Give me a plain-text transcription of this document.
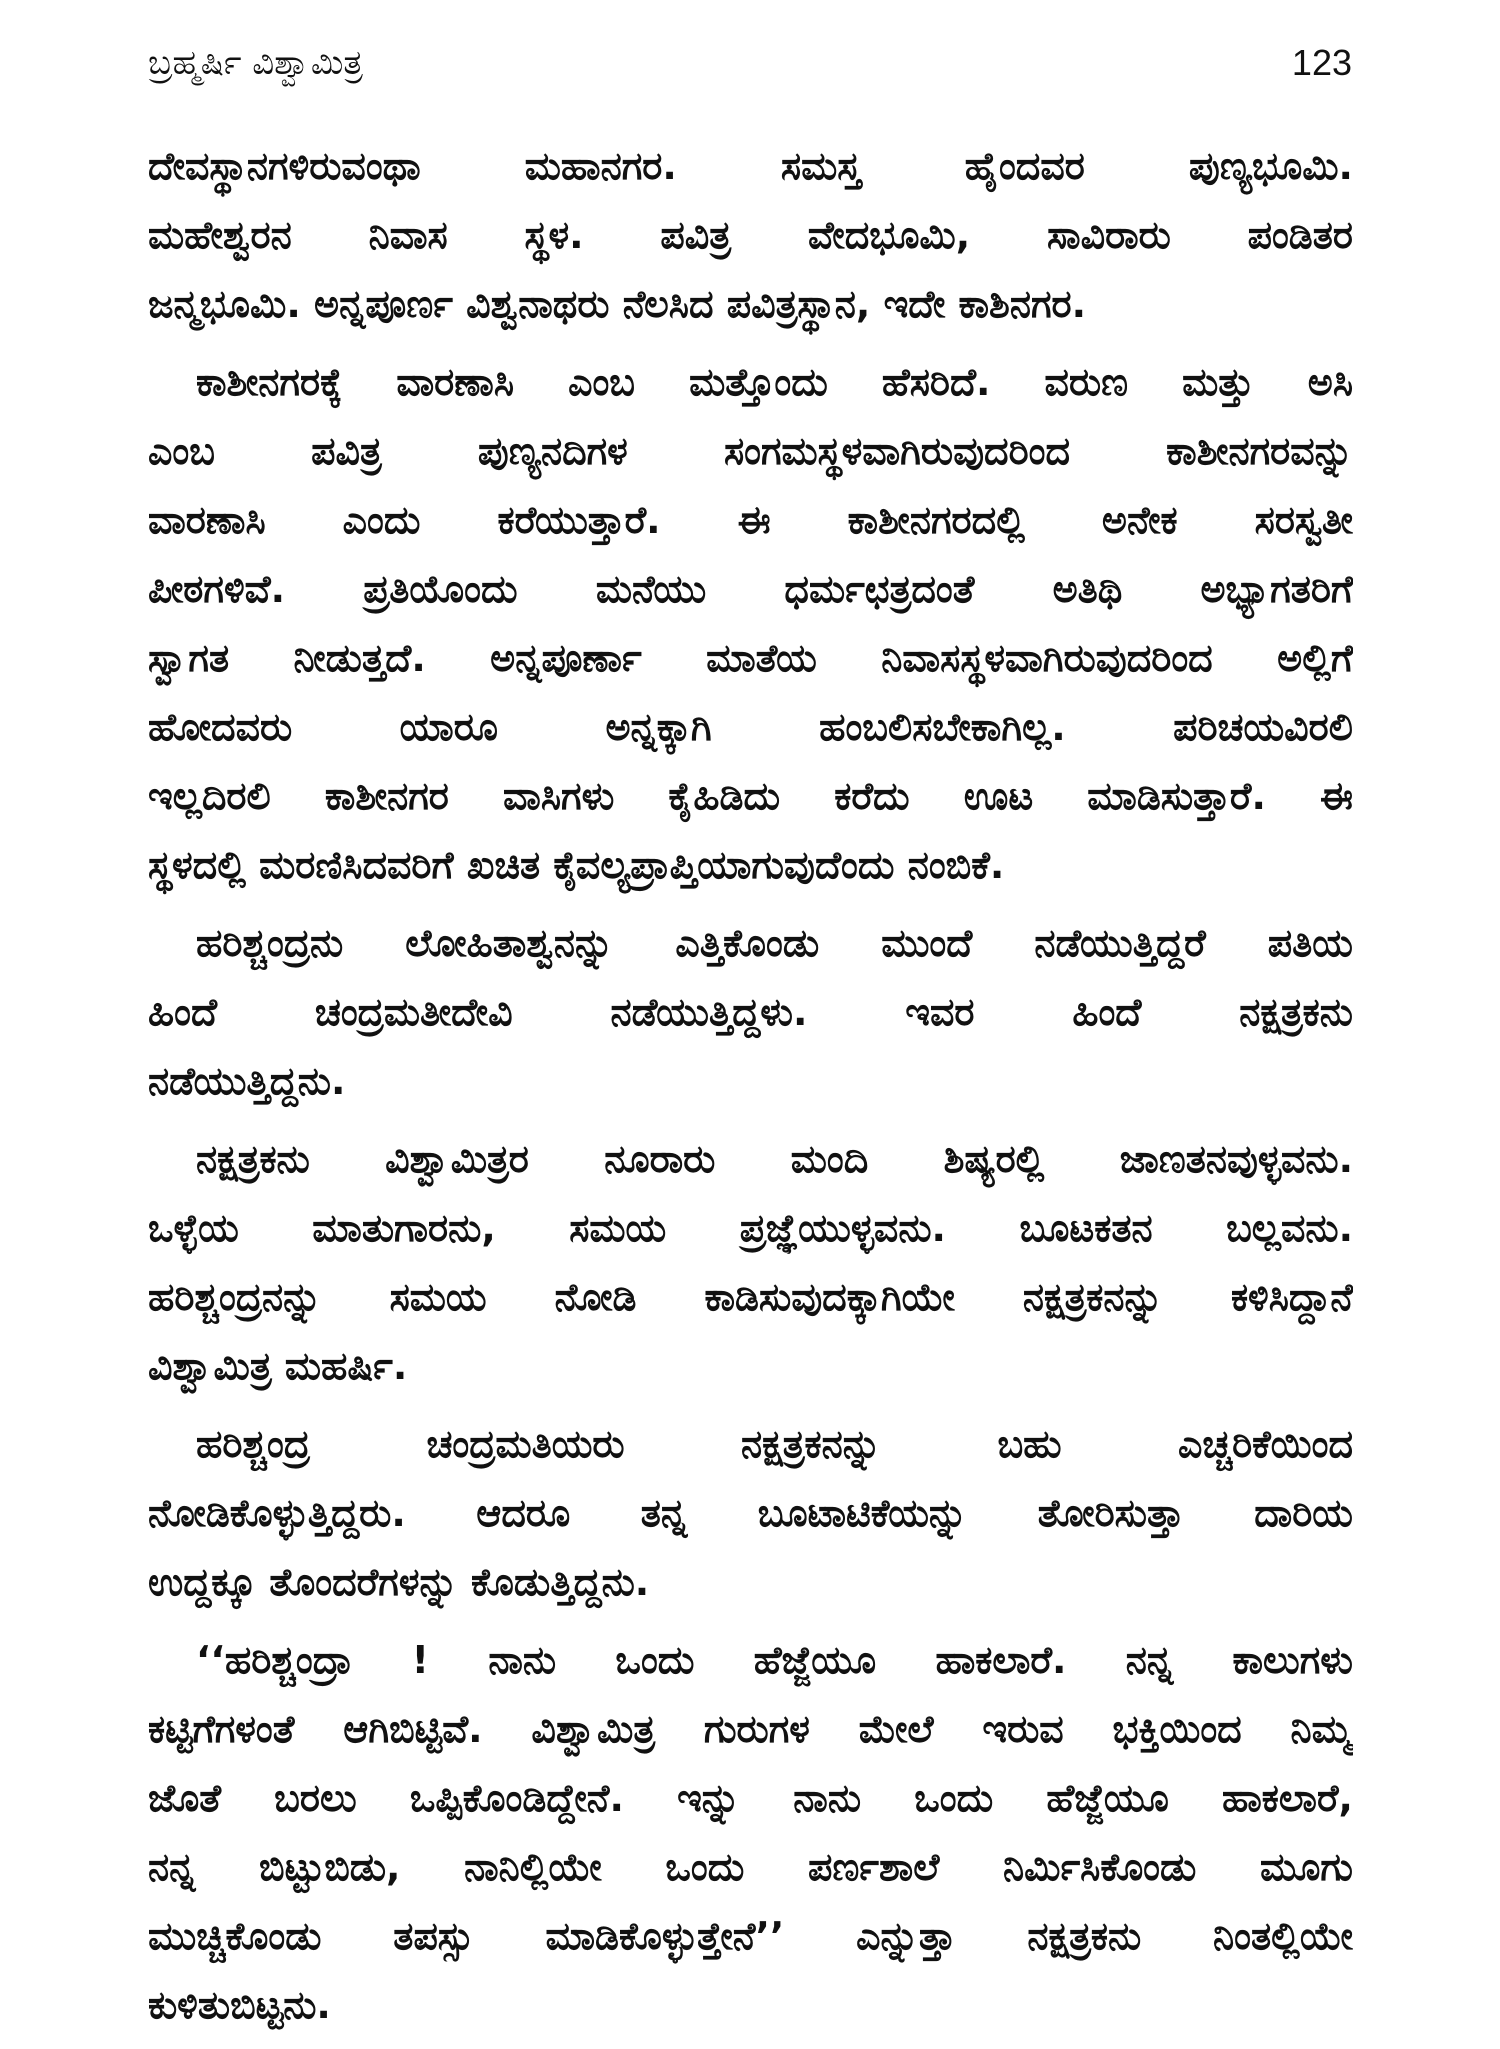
ಬ್ರಹ್ಮರ್ಷಿ ವಿಶ್ವಾಮಿತ್ರ	123
ದೇವಸ್ಥಾನಗಳಿರುವಂಥಾ ಮಹಾನಗರ. ಸಮಸ್ತ ಹೈಂದವರ ಪುಣ್ಯಭೂಮಿ.
ಮಹೇಶ್ವರನ ನಿವಾಸ ಸ್ಥಳ. ಪವಿತ್ರ ವೇದಭೂಮಿ, ಸಾವಿರಾರು ಪಂಡಿತರ
ಜನ್ಮಭೂಮಿ. ಅನ್ನಪೂರ್ಣ ವಿಶ್ವನಾಥರು ನೆಲಸಿದ ಪವಿತ್ರಸ್ಥಾನ, ಇದೇ ಕಾಶಿನಗರ.
ಕಾಶೀನಗರಕ್ಕೆ ವಾರಣಾಸಿ ಎಂಬ ಮತ್ತೊಂದು ಹೆಸರಿದೆ. ವರುಣ ಮತ್ತು ಅಸಿ
ಎಂಬ ಪವಿತ್ರ ಪುಣ್ಯನದಿಗಳ ಸಂಗಮಸ್ಥಳವಾಗಿರುವುದರಿಂದ ಕಾಶೀನಗರವನ್ನು
ವಾರಣಾಸಿ ಎಂದು ಕರೆಯುತ್ತಾರೆ. ಈ ಕಾಶೀನಗರದಲ್ಲಿ ಅನೇಕ ಸರಸ್ವತೀ
ಪೀಠಗಳಿವೆ. ಪ್ರತಿಯೊಂದು ಮನೆಯು ಧರ್ಮಛತ್ರದಂತೆ ಅತಿಥಿ ಅಭ್ಯಾಗತರಿಗೆ
ಸ್ವಾಗತ ನೀಡುತ್ತದೆ. ಅನ್ನಪೂರ್ಣಾ ಮಾತೆಯ ನಿವಾಸಸ್ಥಳವಾಗಿರುವುದರಿಂದ ಅಲ್ಲಿಗೆ
ಹೋದವರು ಯಾರೂ ಅನ್ನಕ್ಕಾಗಿ ಹಂಬಲಿಸಬೇಕಾಗಿಲ್ಲ. ಪರಿಚಯವಿರಲಿ
ಇಲ್ಲದಿರಲಿ ಕಾಶೀನಗರ ವಾಸಿಗಳು ಕೈಹಿಡಿದು ಕರೆದು ಊಟ ಮಾಡಿಸುತ್ತಾರೆ. ಈ
ಸ್ಥಳದಲ್ಲಿ ಮರಣಿಸಿದವರಿಗೆ ಖಚಿತ ಕೈವಲ್ಯಪ್ರಾಪ್ತಿಯಾಗುವುದೆಂದು ನಂಬಿಕೆ.
ಹರಿಶ್ಚಂದ್ರನು ಲೋಹಿತಾಶ್ವನನ್ನು ಎತ್ತಿಕೊಂಡು ಮುಂದೆ ನಡೆಯುತ್ತಿದ್ದರೆ ಪತಿಯ
ಹಿಂದೆ ಚಂದ್ರಮತೀದೇವಿ ನಡೆಯುತ್ತಿದ್ದಳು. ಇವರ ಹಿಂದೆ ನಕ್ಷತ್ರಕನು
ನಡೆಯುತ್ತಿದ್ದನು.
ನಕ್ಷತ್ರಕನು ವಿಶ್ವಾಮಿತ್ರರ ನೂರಾರು ಮಂದಿ ಶಿಷ್ಯರಲ್ಲಿ ಜಾಣತನವುಳ್ಳವನು.
ಒಳ್ಳೆಯ ಮಾತುಗಾರನು, ಸಮಯ ಪ್ರಜ್ಞೆಯುಳ್ಳವನು. ಬೂಟಕತನ ಬಲ್ಲವನು.
ಹರಿಶ್ಚಂದ್ರನನ್ನು ಸಮಯ ನೋಡಿ ಕಾಡಿಸುವುದಕ್ಕಾಗಿಯೇ ನಕ್ಷತ್ರಕನನ್ನು ಕಳಿಸಿದ್ದಾನೆ
ವಿಶ್ವಾಮಿತ್ರ ಮಹರ್ಷಿ.
ಹರಿಶ್ಚಂದ್ರ ಚಂದ್ರಮತಿಯರು ನಕ್ಷತ್ರಕನನ್ನು ಬಹು ಎಚ್ಚರಿಕೆಯಿಂದ
ನೋಡಿಕೊಳ್ಳುತ್ತಿದ್ದರು. ಆದರೂ ತನ್ನ ಬೂಟಾಟಿಕೆಯನ್ನು ತೋರಿಸುತ್ತಾ ದಾರಿಯ
ಉದ್ದಕ್ಕೂ ತೊಂದರೆಗಳನ್ನು ಕೊಡುತ್ತಿದ್ದನು.
‘‘ಹರಿಶ್ಚಂದ್ರಾ ! ನಾನು ಒಂದು ಹೆಜ್ಜೆಯೂ ಹಾಕಲಾರೆ. ನನ್ನ ಕಾಲುಗಳು
ಕಟ್ಟಿಗೆಗಳಂತೆ ಆಗಿಬಿಟ್ಟಿವೆ. ವಿಶ್ವಾಮಿತ್ರ ಗುರುಗಳ ಮೇಲೆ ಇರುವ ಭಕ್ತಿಯಿಂದ ನಿಮ್ಮ
ಜೊತೆ ಬರಲು ಒಪ್ಪಿಕೊಂಡಿದ್ದೇನೆ. ಇನ್ನು ನಾನು ಒಂದು ಹೆಜ್ಜೆಯೂ ಹಾಕಲಾರೆ,
ನನ್ನ ಬಿಟ್ಟುಬಿಡು, ನಾನಿಲ್ಲಿಯೇ ಒಂದು ಪರ್ಣಶಾಲೆ ನಿರ್ಮಿಸಿಕೊಂಡು ಮೂಗು
ಮುಚ್ಚಿಕೊಂಡು ತಪಸ್ಸು ಮಾಡಿಕೊಳ್ಳುತ್ತೇನೆ’’ ಎನ್ನುತ್ತಾ ನಕ್ಷತ್ರಕನು ನಿಂತಲ್ಲಿಯೇ
ಕುಳಿತುಬಿಟ್ಟನು.
